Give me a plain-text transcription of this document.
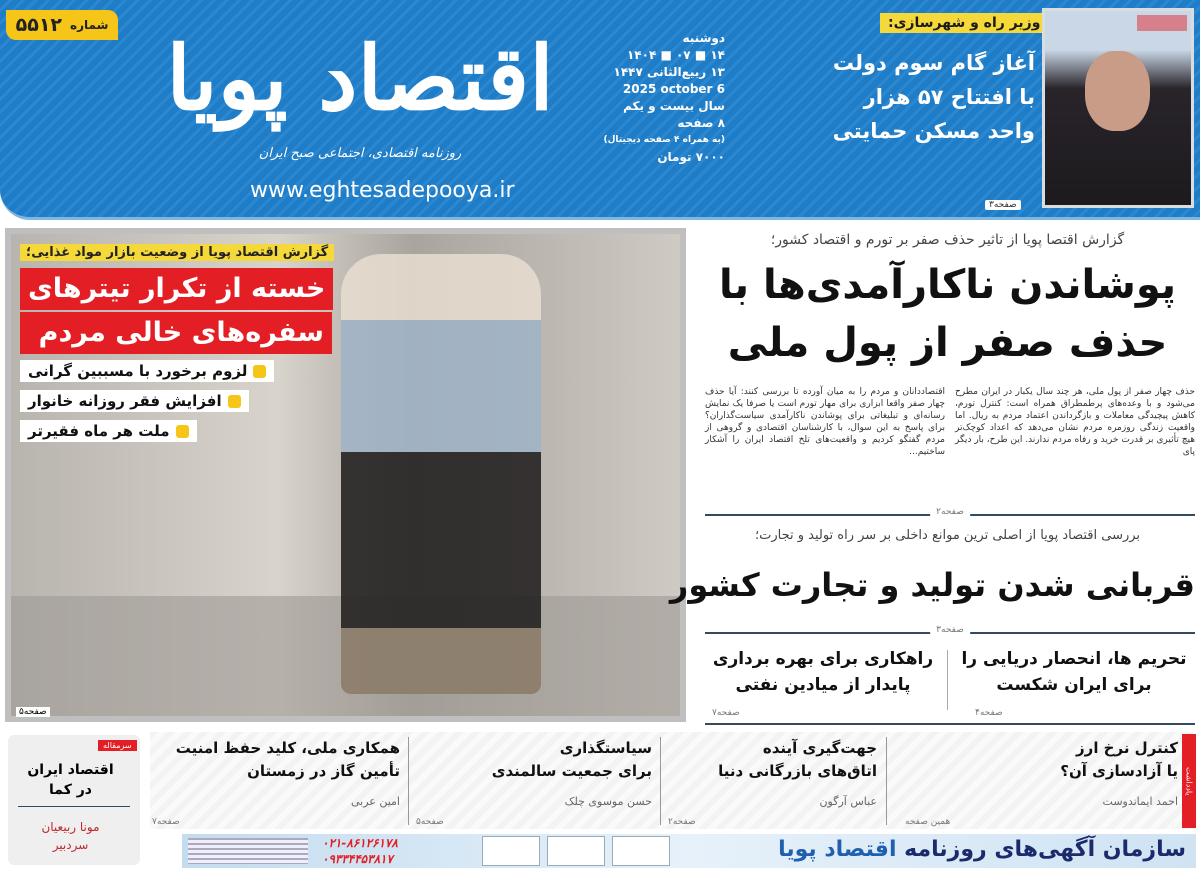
شماره
۵۵۱۲
اقتصاد پویا
روزنامه اقتصادی، اجتماعی صبح ایران
www.eghtesadepooya.ir
دوشنبه
۱۴ ■ ۰۷ ■ ۱۴۰۴
۱۳ ربیع‌الثانی ۱۴۴۷
2025 october 6
سال بیست و یکم
۸ صفحه
(به همراه ۴ صفحه دیجیتال)
۷۰۰۰ تومان
وزیر راه و شهرسازی:
آغاز گام سوم دولت با افتتاح ۵۷ هزار واحد مسکن حمایتی
صفحه۳
گزارش اقتصاد پویا از وضعیت بازار مواد غذایی؛
خسته از تکرار تیترهای
سفره‌های خالی مردم
لزوم برخورد با مسببین گرانی
افزایش فقر روزانه خانوار
ملت هر ماه فقیرتر
صفحه۵
گزارش اقتصا پویا از تاثیر حذف صفر بر تورم و اقتصاد کشور؛
پوشاندن ناکارآمدی‌ها با حذف صفر از پول ملی
حذف چهار صفر از پول ملی، هر چند سال یکبار در ایران مطرح می‌شود و با وعده‌های پرطمطراق همراه است: کنترل تورم، کاهش پیچیدگی معاملات و بازگرداندن اعتماد مردم به ریال. اما واقعیت زندگی روزمره مردم نشان می‌دهد که اعداد کوچک‌تر هیچ تأثیری بر قدرت خرید و رفاه مردم ندارند. این طرح، بار دیگر پای
اقتصاددانان و مردم را به میان آورده تا بررسی کنند: آیا حذف چهار صفر واقعا ابزاری برای مهار تورم است یا صرفا یک نمایش رسانه‌ای و تبلیغاتی برای پوشاندن ناکارآمدی سیاست‌گذاران؟ برای پاسخ به این سوال، با کارشناسان اقتصادی و گروهی از مردم گفتگو کردیم و واقعیت‌های تلخ اقتصاد ایران را آشکار ساختیم...
صفحه۲
بررسی اقتصاد پویا از اصلی ترین موانع داخلی بر سر راه تولید و تجارت؛
قربانی شدن تولید و تجارت کشور
صفحه۳
تحریم ها، انحصار دریایی را برای ایران شکست
راهکاری برای بهره برداری پایدار از میادین نفتی
صفحه۴
صفحه۷
یادداشت
کنترل نرخ ارز
یا آزادسازی آن؟
احمد ایماندوست
همین صفحه
جهت‌گیری آینده
اتاق‌های بازرگانی دنیا
عباس آرگون
صفحه۲
سیاستگذاری
برای جمعیت سالمندی
حسن موسوی چلک
صفحه۵
همکاری ملی، کلید حفظ امنیت
تأمین گاز در زمستان
امین عربی
صفحه۷
سرمقاله
اقتصاد ایران
در کما
مونا ربیعیان
سردبیر	۰۲۱-۸۶۱۲۶۱۷۸
۰۹۳۳۴۴۵۳۸۱۷	سازمان آگهی‌های روزنامه اقتصاد پویا
